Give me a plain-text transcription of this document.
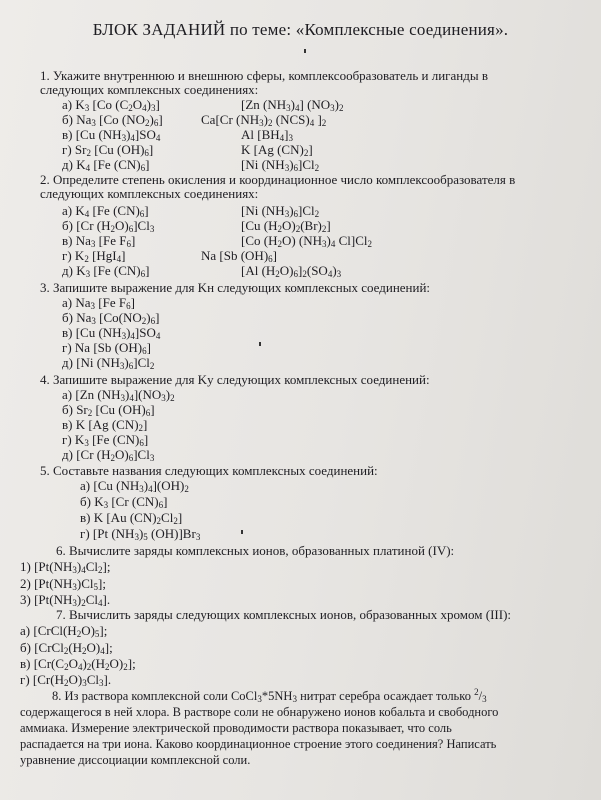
БЛОК ЗАДАНИЙ по теме: «Комплексные соединения».
1. Укажите внутреннюю и внешнюю сферы, комплексообразователь и лиганды в
следующих комплексных соединениях:
а) $K_3$ [Co $(C_2O_4)_3$]	[Zn $(NH_3)_4$] $(NO_3)_2$
б) $Na_3$ [Co $(NO_2)_6$]	Ca[Cr $(NH_3)_2$ $(NCS)_4$ ]$_2$
в) [Cu $(NH_3)_4]SO_4$	Al $[BH_4]_3$
г) $Sr_2$ [Cu $(OH)_6$]	K [Ag $(CN)_2$]
д) $K_4$ [Fe $(CN)_6$]	[Ni $(NH_3)_6]Cl_2$
2. Определите степень окисления и координационное число комплексообразователя в
следующих комплексных соединениях:
а) $K_4$ [Fe $(CN)_6$]	[Ni $(NH_3)_6]Cl_2$
б) [Cr $(H_2O)_6]Cl_3$	[Cu $(H_2O)_2(Br)_2$]
в) $Na_3$ [Fe $F_6$]	[Co $(H_2O)$ $(NH_3)_4$ $Cl]Cl_2$
г) $K_2$ [HgI$_4$]	Na [Sb $(OH)_6$]
д) $K_3$ [Fe $(CN)_6$]	[Al $(H_2O)_6]_2(SO_4)_3$
3. Запишите выражение для Kн следующих комплексных соединений:
а) $Na_3$ [Fe $F_6$]
б) $Na_3$ $[Co(NO_2)_6]$
в) [Cu $(NH_3)_4]SO_4$
г) Na [Sb $(OH)_6$]
д) [Ni $(NH_3)_6]Cl_2$
4. Запишите выражение для Kу следующих комплексных соединений:
а) [Zn $(NH_3)_4](NO_3)_2$
б) $Sr_2$ [Cu $(OH)_6$]
в) K [Ag $(CN)_2$]
г) $K_3$ [Fe $(CN)_6$]
д) [Cr $(H_2O)_6]Cl_3$
5. Составьте названия следующих комплексных соединений:
а) [Cu $(NH_3)_4](OH)_2$
б) $K_3$ [Cr $(CN)_6$]
в) K [Au $(CN)_2Cl_2$]
г) [Pt $(NH_3)_5$ $(OH)]Br_3$
6. Вычислите заряды комплексных ионов, образованных платиной (IV):
1) $[Pt(NH_3)_4Cl_2]$;
2) $[Pt(NH_3)Cl_5]$;
3) $[Pt(NH_3)_2Cl_4]$.
7. Вычислить заряды следующих комплексных ионов, образованных хромом (III):
а) $[CrCl(H_2O)_5]$;
б) $[CrCl_2(H_2O)_4]$;
в) $[Cr(C_2O_4)_2(H_2O)_2]$;
г) $[Cr(H_2O)_3Cl_3]$.
8. Из раствора комплексной соли $CoCl_3*5NH_3$ нитрат серебра осаждает только $^2/_3$
содержащегося в ней хлора. В растворе соли не обнаружено ионов кобальта и свободного
аммиака. Измерение электрической проводимости раствора показывает, что соль
распадается на три иона. Каково координационное строение этого соединения? Написать
уравнение диссоциации комплексной соли.
